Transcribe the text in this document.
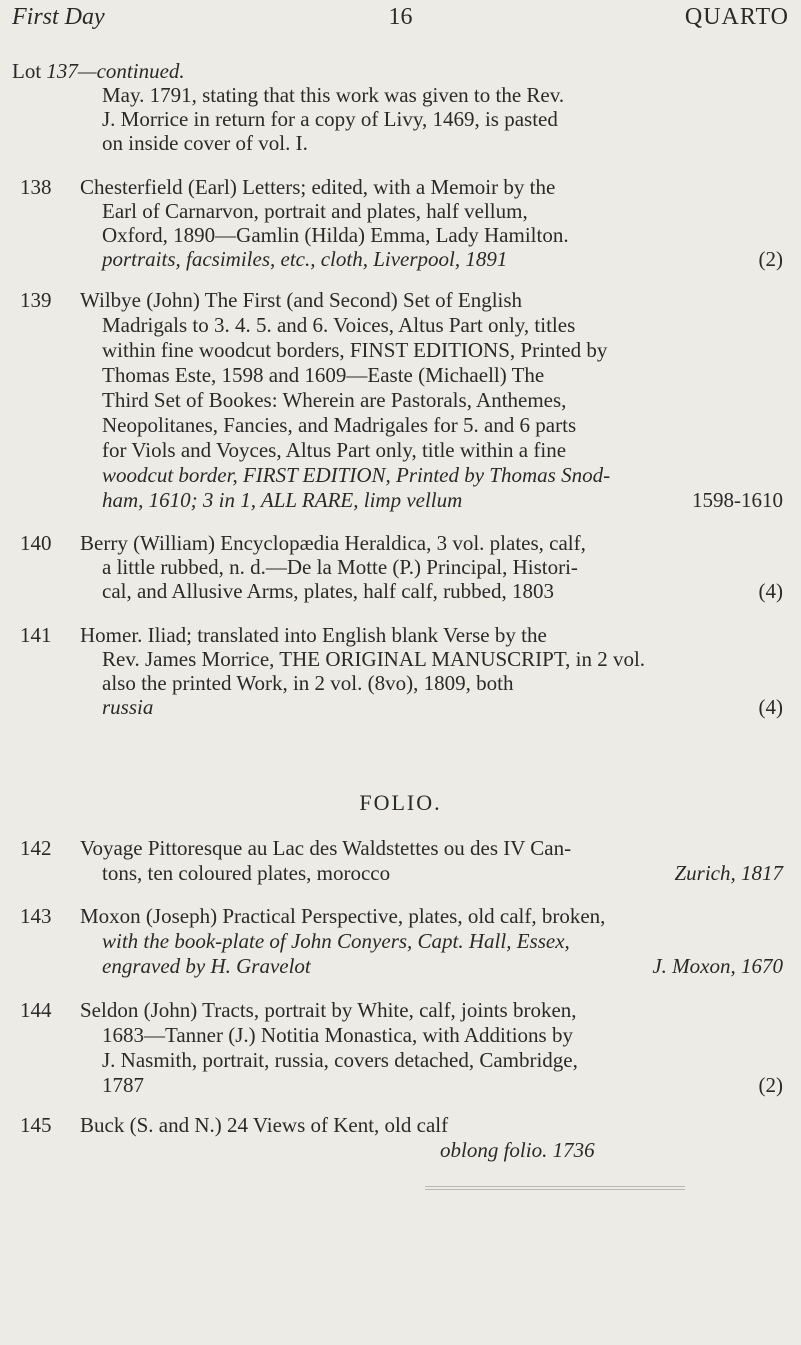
First Day	16	QUARTO
Lot 137—continued.
May. 1791, stating that this work was given to the Rev.
J. Morrice in return for a copy of Livy, 1469, is pasted
on inside cover of vol. I.
138 Chesterfield (Earl) Letters; edited, with a Memoir by the
Earl of Carnarvon, portrait and plates, half vellum,
Oxford, 1890—Gamlin (Hilda) Emma, Lady Hamilton.
portraits, facsimiles, etc., cloth, Liverpool, 1891	(2)
139 Wilbye (John) The First (and Second) Set of English
Madrigals to 3. 4. 5. and 6. Voices, Altus Part only, titles
within fine woodcut borders, FINST EDITIONS, Printed by
Thomas Este, 1598 and 1609—Easte (Michaell) The
Third Set of Bookes: Wherein are Pastorals, Anthemes,
Neopolitanes, Fancies, and Madrigales for 5. and 6 parts
for Viols and Voyces, Altus Part only, title within a fine
woodcut border, FIRST EDITION, Printed by Thomas Snod-
ham, 1610; 3 in 1, ALL RARE, limp vellum	1598-1610
140 Berry (William) Encyclopædia Heraldica, 3 vol. plates, calf,
a little rubbed, n. d.—De la Motte (P.) Principal, Histori-
cal, and Allusive Arms, plates, half calf, rubbed, 1803	(4)
141 Homer. Iliad; translated into English blank Verse by the
Rev. James Morrice, THE ORIGINAL MANUSCRIPT, in 2 vol.
also the printed Work, in 2 vol. (8vo), 1809, both
russia	(4)
FOLIO.
142 Voyage Pittoresque au Lac des Waldstettes ou des IV Can-
tons, ten coloured plates, morocco	Zurich, 1817
143 Moxon (Joseph) Practical Perspective, plates, old calf, broken,
with the book-plate of John Conyers, Capt. Hall, Essex,
engraved by H. Gravelot	J. Moxon, 1670
144 Seldon (John) Tracts, portrait by White, calf, joints broken,
1683—Tanner (J.) Notitia Monastica, with Additions by
J. Nasmith, portrait, russia, covers detached, Cambridge,
1787	(2)
145 Buck (S. and N.) 24 Views of Kent, old calf
oblong folio. 1736
